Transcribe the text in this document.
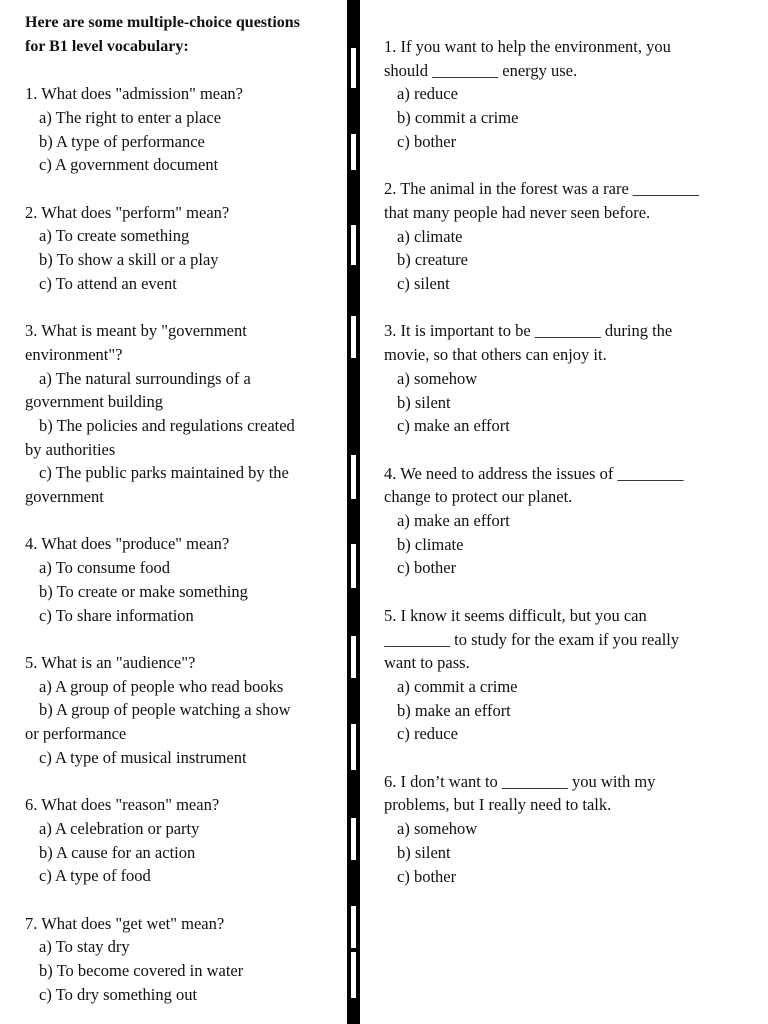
Here are some multiple-choice questions
for B1 level vocabulary:
1. What does "admission" mean?
a) The right to enter a place
b) A type of performance
c) A government document
2. What does "perform" mean?
a) To create something
b) To show a skill or a play
c) To attend an event
3. What is meant by "government
environment"?
a) The natural surroundings of a
government building
b) The policies and regulations created
by authorities
c) The public parks maintained by the
government
4. What does "produce" mean?
a) To consume food
b) To create or make something
c) To share information
5. What is an "audience"?
a) A group of people who read books
b) A group of people watching a show
or performance
c) A type of musical instrument
6. What does "reason" mean?
a) A celebration or party
b) A cause for an action
c) A type of food
7. What does "get wet" mean?
a) To stay dry
b) To become covered in water
c) To dry something out
1. If you want to help the environment, you
should ________ energy use.
a) reduce
b) commit a crime
c) bother
2. The animal in the forest was a rare ________
that many people had never seen before.
a) climate
b) creature
c) silent
3. It is important to be ________ during the
movie, so that others can enjoy it.
a) somehow
b) silent
c) make an effort
4. We need to address the issues of ________
change to protect our planet.
a) make an effort
b) climate
c) bother
5. I know it seems difficult, but you can
________ to study for the exam if you really
want to pass.
a) commit a crime
b) make an effort
c) reduce
6. I don’t want to ________ you with my
problems, but I really need to talk.
a) somehow
b) silent
c) bother
